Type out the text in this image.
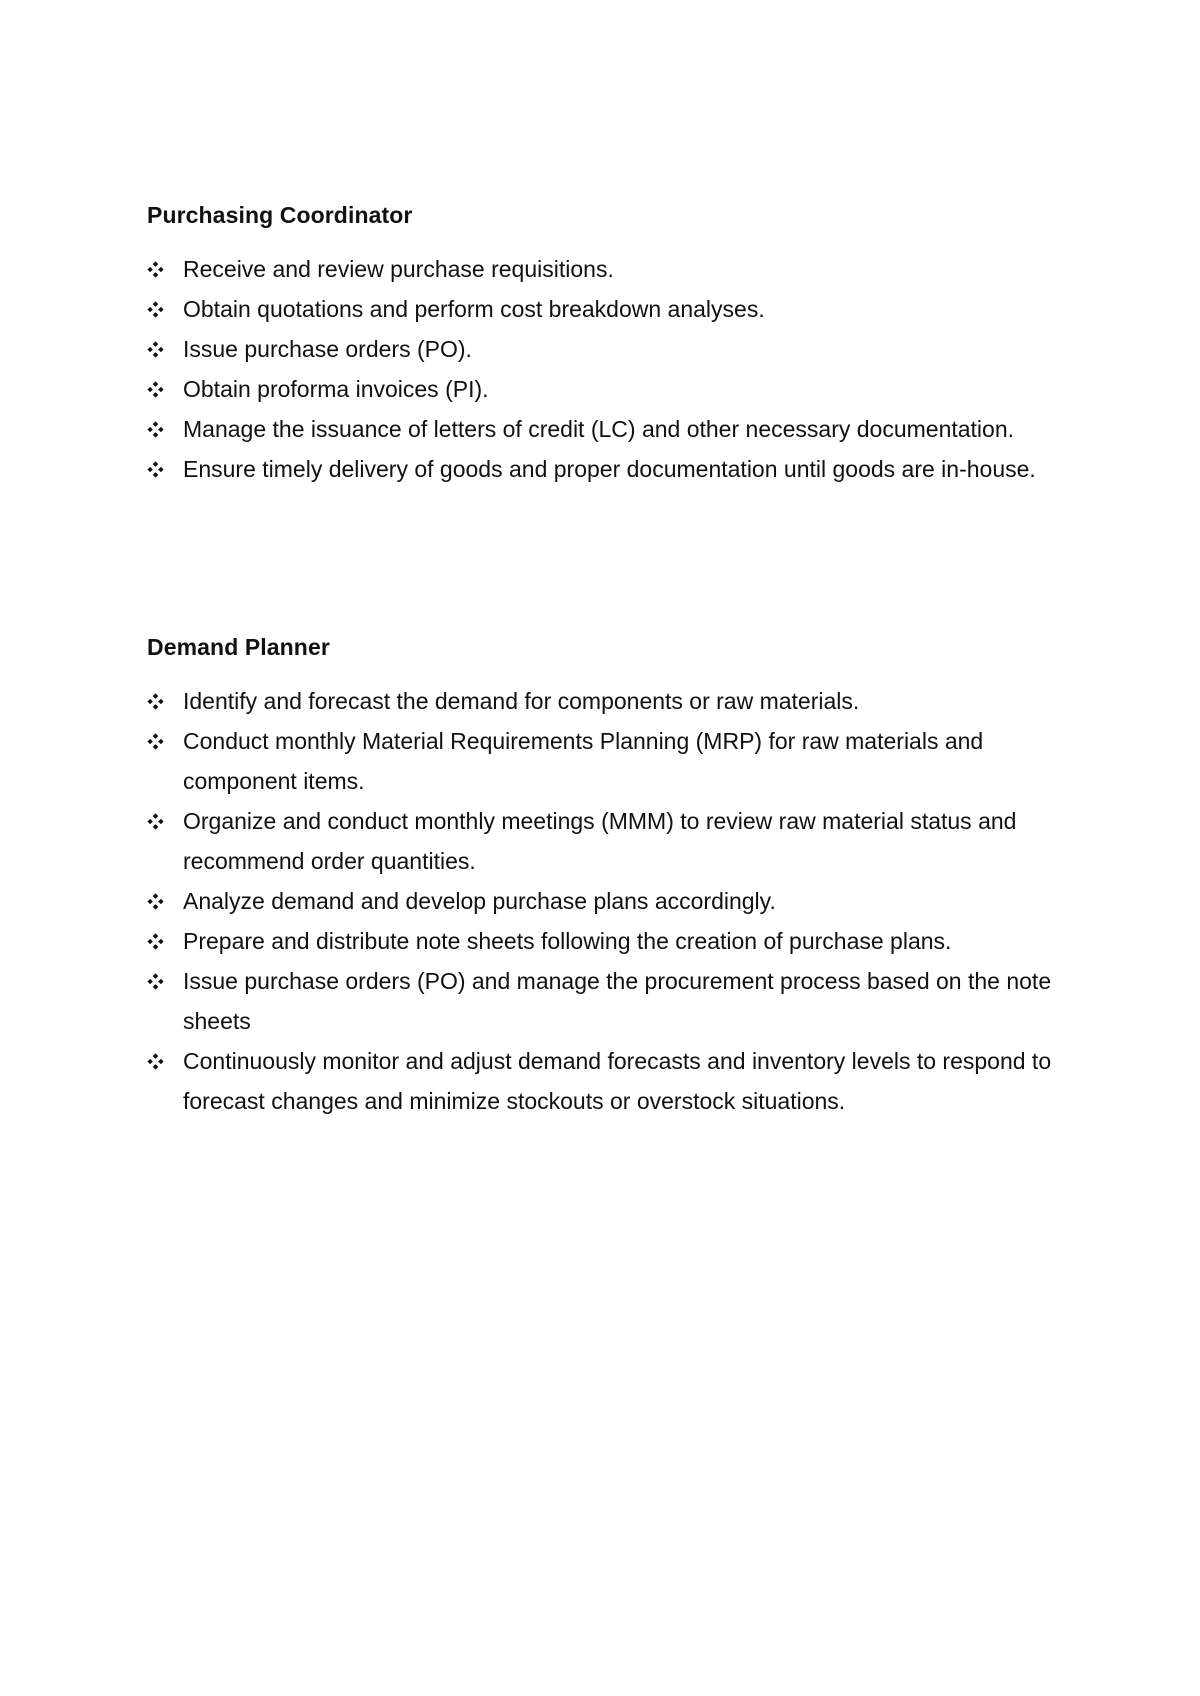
Purchasing Coordinator
Receive and review purchase requisitions.
Obtain quotations and perform cost breakdown analyses.
Issue purchase orders (PO).
Obtain proforma invoices (PI).
Manage the issuance of letters of credit (LC) and other necessary documentation.
Ensure timely delivery of goods and proper documentation until goods are in-house.
Demand Planner
Identify and forecast the demand for components or raw materials.
Conduct monthly Material Requirements Planning (MRP) for raw materials and component items.
Organize and conduct monthly meetings (MMM) to review raw material status and recommend order quantities.
Analyze demand and develop purchase plans accordingly.
Prepare and distribute note sheets following the creation of purchase plans.
Issue purchase orders (PO) and manage the procurement process based on the note sheets
Continuously monitor and adjust demand forecasts and inventory levels to respond to forecast changes and minimize stockouts or overstock situations.
